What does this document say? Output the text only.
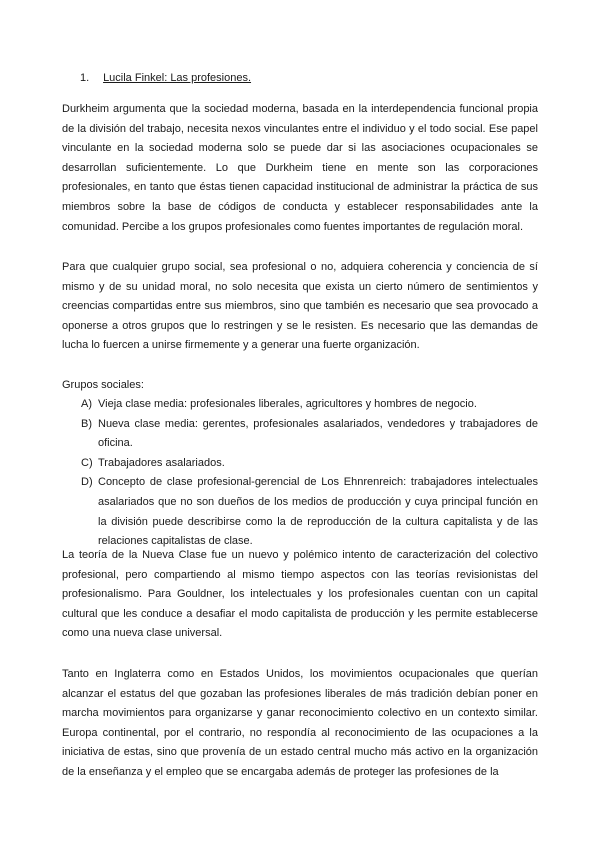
1. Lucila Finkel: Las profesiones.

Durkheim argumenta que la sociedad moderna, basada en la interdependencia funcional propia de la división del trabajo, necesita nexos vinculantes entre el individuo y el todo social. Ese papel vinculante en la sociedad moderna solo se puede dar si las asociaciones ocupacionales se desarrollan suficientemente. Lo que Durkheim tiene en mente son las corporaciones profesionales, en tanto que éstas tienen capacidad institucional de administrar la práctica de sus miembros sobre la base de códigos de conducta y establecer responsabilidades ante la comunidad. Percibe a los grupos profesionales como fuentes importantes de regulación moral.

Para que cualquier grupo social, sea profesional o no, adquiera coherencia y conciencia de sí mismo y de su unidad moral, no solo necesita que exista un cierto número de sentimientos y creencias compartidas entre sus miembros, sino que también es necesario que sea provocado a oponerse a otros grupos que lo restringen y se le resisten. Es necesario que las demandas de lucha lo fuercen a unirse firmemente y a generar una fuerte organización.

Grupos sociales:

A) Vieja clase media: profesionales liberales, agricultores y hombres de negocio.
B) Nueva clase media: gerentes, profesionales asalariados, vendedores y trabajadores de oficina.
C) Trabajadores asalariados.
D) Concepto de clase profesional-gerencial de Los Ehnrenreich: trabajadores intelectuales asalariados que no son dueños de los medios de producción y cuya principal función en la división puede describirse como la de reproducción de la cultura capitalista y de las relaciones capitalistas de clase.

La teoría de la Nueva Clase fue un nuevo y polémico intento de caracterización del colectivo profesional, pero compartiendo al mismo tiempo aspectos con las teorías revisionistas del profesionalismo. Para Gouldner, los intelectuales y los profesionales cuentan con un capital cultural que les conduce a desafiar el modo capitalista de producción y les permite establecerse como una nueva clase universal.

Tanto en Inglaterra como en Estados Unidos, los movimientos ocupacionales que querían alcanzar el estatus del que gozaban las profesiones liberales de más tradición debían poner en marcha movimientos para organizarse y ganar reconocimiento colectivo en un contexto similar. Europa continental, por el contrario, no respondía al reconocimiento de las ocupaciones a la iniciativa de estas, sino que provenía de un estado central mucho más activo en la organización de la enseñanza y el empleo que se encargaba además de proteger las profesiones de la
